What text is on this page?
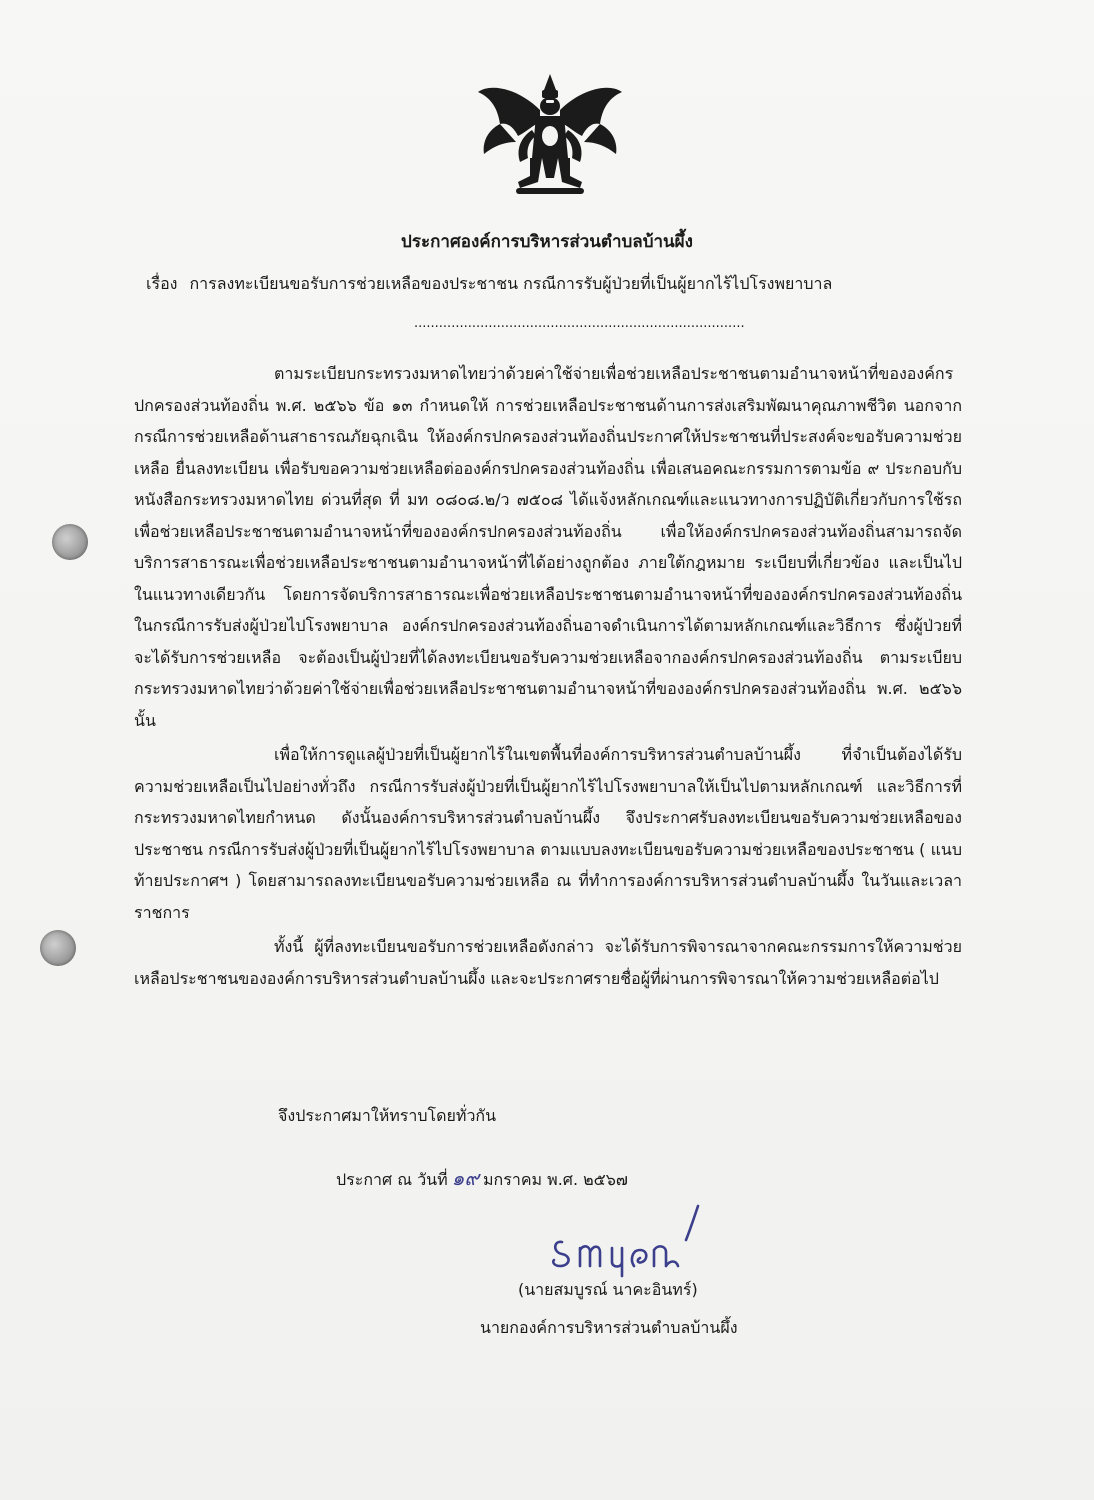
ประกาศองค์การบริหารส่วนตำบลบ้านผึ้ง
เรื่อง การลงทะเบียนขอรับการช่วยเหลือของประชาชน กรณีการรับผู้ป่วยที่เป็นผู้ยากไร้ไปโรงพยาบาล
................................................................................

ตามระเบียบกระทรวงมหาดไทยว่าด้วยค่าใช้จ่ายเพื่อช่วยเหลือประชาชนตามอำนาจหน้าที่ขององค์กรปกครองส่วนท้องถิ่น พ.ศ. ๒๕๖๖ ข้อ ๑๓ กำหนดให้ การช่วยเหลือประชาชนด้านการส่งเสริมพัฒนาคุณภาพชีวิต นอกจากกรณีการช่วยเหลือด้านสาธารณภัยฉุกเฉิน ให้องค์กรปกครองส่วนท้องถิ่นประกาศให้ประชาชนที่ประสงค์จะขอรับความช่วยเหลือ ยื่นลงทะเบียน เพื่อรับขอความช่วยเหลือต่อองค์กรปกครองส่วนท้องถิ่น เพื่อเสนอคณะกรรมการตามข้อ ๙ ประกอบกับหนังสือกระทรวงมหาดไทย ด่วนที่สุด ที่ มท ๐๘๐๘.๒/ว ๗๕๐๘ ได้แจ้งหลักเกณฑ์และแนวทางการปฏิบัติเกี่ยวกับการใช้รถเพื่อช่วยเหลือประชาชนตามอำนาจหน้าที่ขององค์กรปกครองส่วนท้องถิ่น เพื่อให้องค์กรปกครองส่วนท้องถิ่นสามารถจัดบริการสาธารณะเพื่อช่วยเหลือประชาชนตามอำนาจหน้าที่ได้อย่างถูกต้อง ภายใต้กฎหมาย ระเบียบที่เกี่ยวข้อง และเป็นไปในแนวทางเดียวกัน โดยการจัดบริการสาธารณะเพื่อช่วยเหลือประชาชนตามอำนาจหน้าที่ขององค์กรปกครองส่วนท้องถิ่นในกรณีการรับส่งผู้ป่วยไปโรงพยาบาล องค์กรปกครองส่วนท้องถิ่นอาจดำเนินการได้ตามหลักเกณฑ์และวิธีการ ซึ่งผู้ป่วยที่จะได้รับการช่วยเหลือ จะต้องเป็นผู้ป่วยที่ได้ลงทะเบียนขอรับความช่วยเหลือจากองค์กรปกครองส่วนท้องถิ่น ตามระเบียบกระทรวงมหาดไทยว่าด้วยค่าใช้จ่ายเพื่อช่วยเหลือประชาชนตามอำนาจหน้าที่ขององค์กรปกครองส่วนท้องถิ่น พ.ศ. ๒๕๖๖ นั้น

เพื่อให้การดูแลผู้ป่วยที่เป็นผู้ยากไร้ในเขตพื้นที่องค์การบริหารส่วนตำบลบ้านผึ้ง ที่จำเป็นต้องได้รับความช่วยเหลือเป็นไปอย่างทั่วถึง กรณีการรับส่งผู้ป่วยที่เป็นผู้ยากไร้ไปโรงพยาบาลให้เป็นไปตามหลักเกณฑ์ และวิธีการที่กระทรวงมหาดไทยกำหนด ดังนั้นองค์การบริหารส่วนตำบลบ้านผึ้ง จึงประกาศรับลงทะเบียนขอรับความช่วยเหลือของประชาชน กรณีการรับส่งผู้ป่วยที่เป็นผู้ยากไร้ไปโรงพยาบาล ตามแบบลงทะเบียนขอรับความช่วยเหลือของประชาชน ( แนบท้ายประกาศฯ ) โดยสามารถลงทะเบียนขอรับความช่วยเหลือ ณ ที่ทำการองค์การบริหารส่วนตำบลบ้านผึ้ง ในวันและเวลาราชการ

ทั้งนี้ ผู้ที่ลงทะเบียนขอรับการช่วยเหลือดังกล่าว จะได้รับการพิจารณาจากคณะกรรมการให้ความช่วยเหลือประชาชนขององค์การบริหารส่วนตำบลบ้านผึ้ง และจะประกาศรายชื่อผู้ที่ผ่านการพิจารณาให้ความช่วยเหลือต่อไป

จึงประกาศมาให้ทราบโดยทั่วกัน

ประกาศ ณ วันที่ ๑๙ มกราคม พ.ศ. ๒๕๖๗
(นายสมบูรณ์ นาคะอินทร์)
นายกองค์การบริหารส่วนตำบลบ้านผึ้ง
